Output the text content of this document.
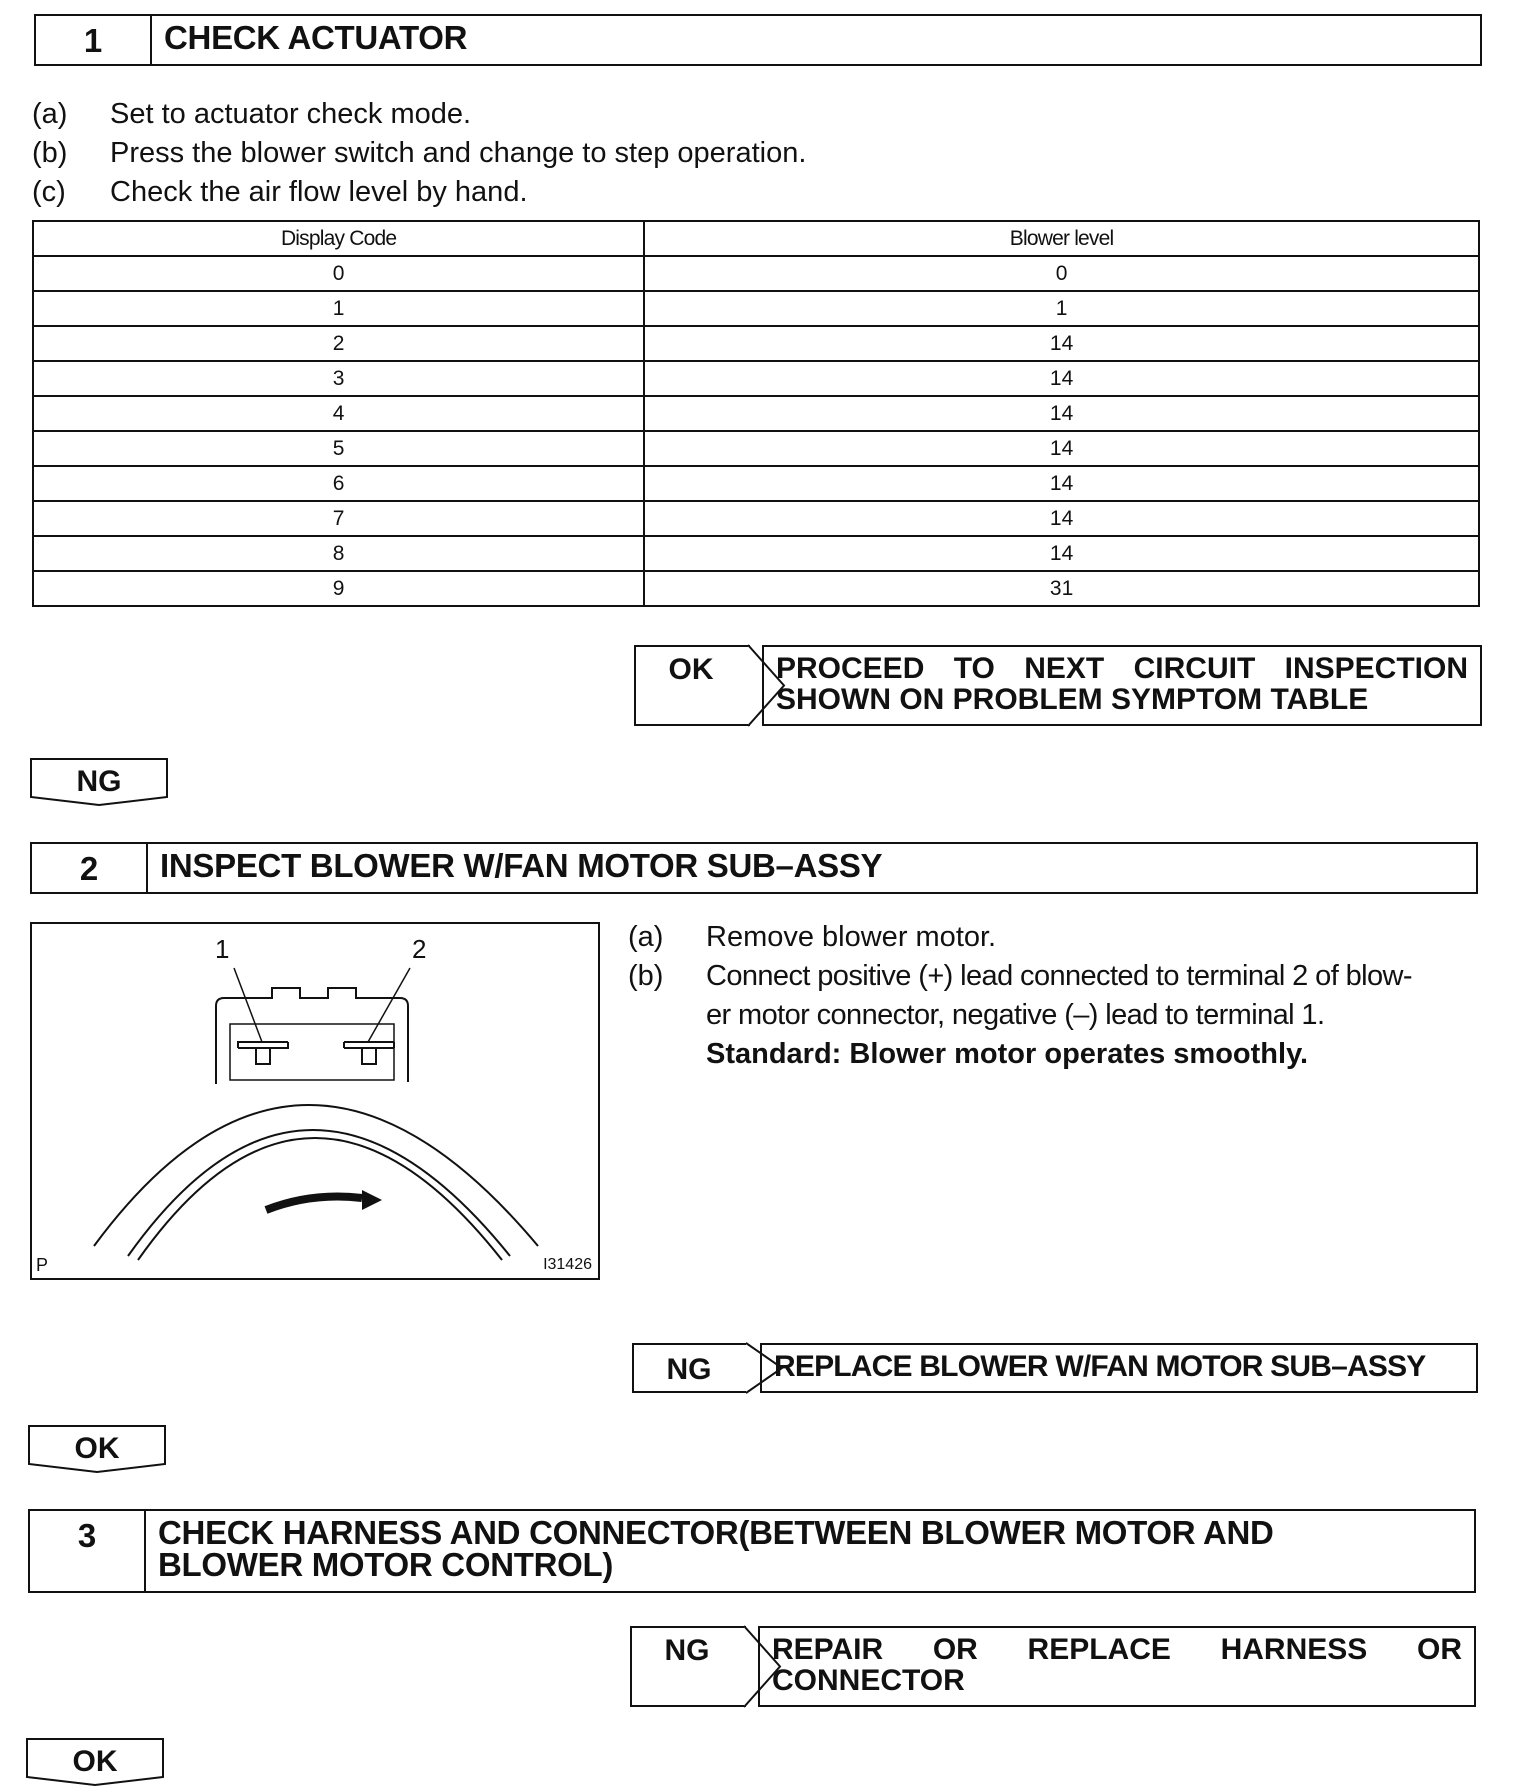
1	CHECK ACTUATOR
(a)	Set to actuator check mode.
(b)	Press the blower switch and change to step operation.
(c)	Check the air flow level by hand.
Display Code	Blower level
0	0
1	1
2	14
3	14
4	14
5	14
6	14
7	14
8	14
9	31
OK	PROCEED TO NEXT CIRCUIT INSPECTION
SHOWN ON PROBLEM SYMPTOM TABLE
NG
2	INSPECT BLOWER W/FAN MOTOR SUB–ASSY
1	2
P	I31426
(a)	Remove blower motor.
(b)	Connect positive (+) lead connected to terminal 2 of blow-
er motor connector, negative (–) lead to terminal 1.
Standard: Blower motor operates smoothly.
NG	REPLACE BLOWER W/FAN MOTOR SUB–ASSY
OK
3	CHECK HARNESS AND CONNECTOR(BETWEEN BLOWER MOTOR AND
BLOWER MOTOR CONTROL)
NG	REPAIR OR REPLACE HARNESS OR
CONNECTOR
OK
